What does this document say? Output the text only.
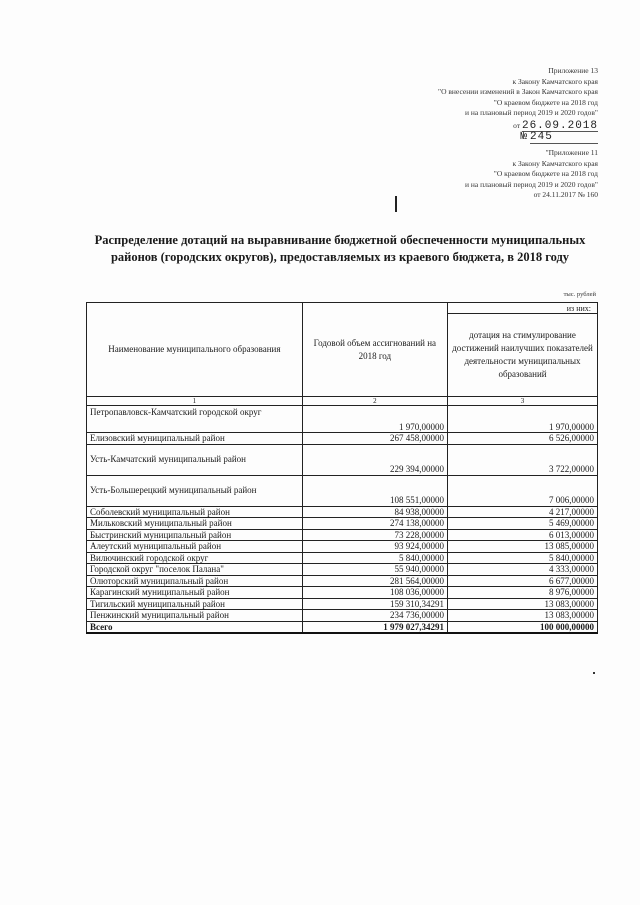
Приложение 13
к Закону Камчатского края
"О внесении изменений в Закон Камчатского края
"О краевом бюджете на 2018 год
и на плановый период 2019 и 2020 годов"
от 26.09.2018
№ 245
"Приложение 11
к Закону Камчатского края
"О краевом бюджете на 2018 год
и на плановый период 2019 и 2020 годов"
от 24.11.2017 № 160
Распределение дотаций на выравнивание бюджетной обеспеченности муниципальных районов (городских округов), предоставляемых из краевого бюджета, в 2018 году
тыс. рублей
Наименование муниципального образования	Годовой объем ассигнований на 2018 год	из них:
		дотация на стимулирование достижений наилучших показателей деятельности муниципальных образований
1	2	3
Петропавловск-Камчатский городской округ	1 970,00000	1 970,00000
Елизовский муниципальный район	267 458,00000	6 526,00000
Усть-Камчатский муниципальный район	229 394,00000	3 722,00000
Усть-Большерецкий муниципальный район	108 551,00000	7 006,00000
Соболевский муниципальный район	84 938,00000	4 217,00000
Мильковский муниципальный район	274 138,00000	5 469,00000
Быстринский муниципальный район	73 228,00000	6 013,00000
Алеутский муниципальный район	93 924,00000	13 085,00000
Вилючинский городской округ	5 840,00000	5 840,00000
Городской округ "поселок Палана"	55 940,00000	4 333,00000
Олюторский муниципальный район	281 564,00000	6 677,00000
Карагинский муниципальный район	108 036,00000	8 976,00000
Тигильский муниципальный район	159 310,34291	13 083,00000
Пенжинский муниципальный район	234 736,00000	13 083,00000
Всего	1 979 027,34291	100 000,00000
